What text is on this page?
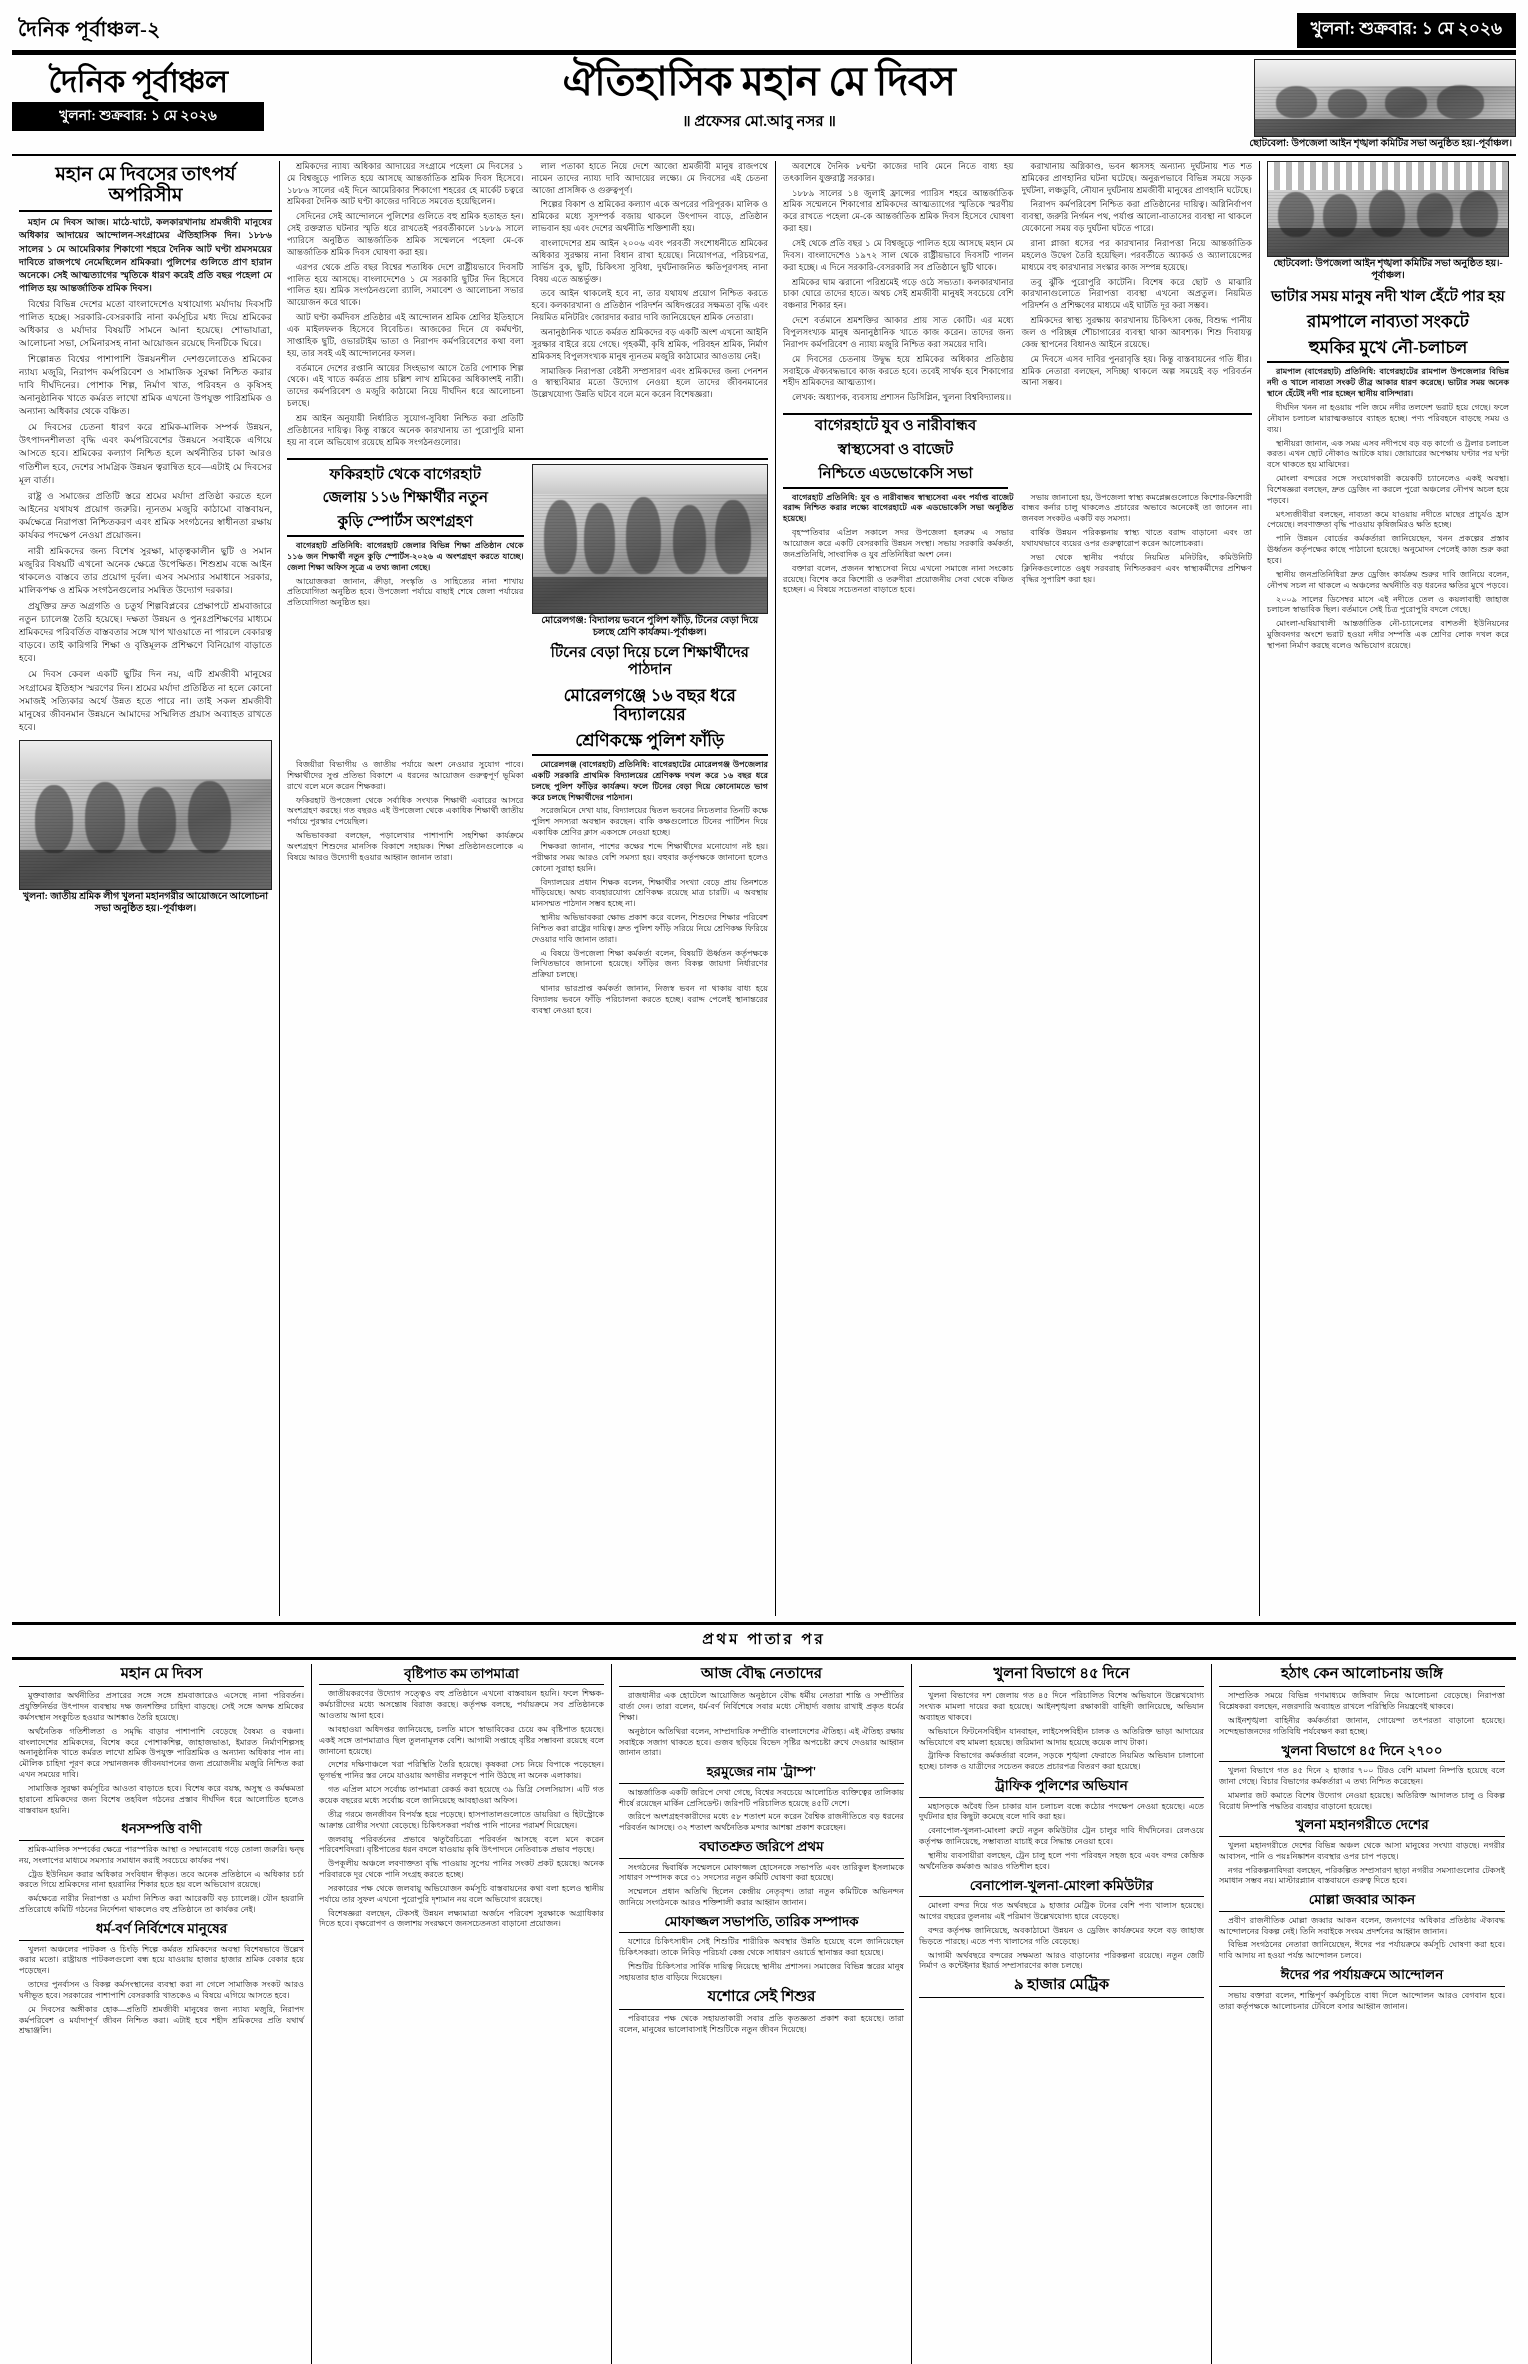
দৈনিক পূর্বাঞ্চল-২	খুলনা: শুক্রবার: ১ মে ২০২৬
দৈনিক পূর্বাঞ্চল
খুলনা: শুক্রবার: ১ মে ২০২৬
ঐতিহাসিক মহান মে দিবস
॥ প্রফেসর মো.আবু নসর ॥
ছোটবেলা: উপজেলা আইন শৃঙ্খলা কমিটির সভা অনুষ্ঠিত হয়।-পূর্বাঞ্চল।
মহান মে দিবসের তাৎপর্য অপরিসীম

মহান মে দিবস আজ। মাঠে-ঘাটে, কলকারখানায় শ্রমজীবী মানুষের অধিকার আদায়ের আন্দোলন-সংগ্রামের ঐতিহাসিক দিন। ১৮৮৬ সালের ১ মে আমেরিকার শিকাগো শহরে দৈনিক আট ঘণ্টা শ্রমসময়ের দাবিতে রাজপথে নেমেছিলেন শ্রমিকরা। পুলিশের গুলিতে প্রাণ হারান অনেকে। সেই আত্মত্যাগের স্মৃতিকে ধারণ করেই প্রতি বছর পহেলা মে পালিত হয় আন্তর্জাতিক শ্রমিক দিবস।

বিশ্বের বিভিন্ন দেশের মতো বাংলাদেশেও যথাযোগ্য মর্যাদায় দিবসটি পালিত হচ্ছে। সরকারি-বেসরকারি নানা কর্মসূচির মধ্য দিয়ে শ্রমিকের অধিকার ও মর্যাদার বিষয়টি সামনে আনা হয়েছে। শোভাযাত্রা, আলোচনা সভা, সেমিনারসহ নানা আয়োজন রয়েছে দিনটিকে ঘিরে।

শিল্পোন্নত বিশ্বের পাশাপাশি উন্নয়নশীল দেশগুলোতেও শ্রমিকের ন্যায্য মজুরি, নিরাপদ কর্মপরিবেশ ও সামাজিক সুরক্ষা নিশ্চিত করার দাবি দীর্ঘদিনের। পোশাক শিল্প, নির্মাণ খাত, পরিবহন ও কৃষিসহ অনানুষ্ঠানিক খাতে কর্মরত লাখো শ্রমিক এখনো উপযুক্ত পারিশ্রমিক ও অন্যান্য অধিকার থেকে বঞ্চিত।

মে দিবসের চেতনা ধারণ করে শ্রমিক-মালিক সম্পর্ক উন্নয়ন, উৎপাদনশীলতা বৃদ্ধি এবং কর্মপরিবেশের উন্নয়নে সবাইকে এগিয়ে আসতে হবে। শ্রমিকের কল্যাণ নিশ্চিত হলে অর্থনীতির চাকা আরও গতিশীল হবে, দেশের সামগ্রিক উন্নয়ন ত্বরান্বিত হবে—এটাই মে দিবসের মূল বার্তা।

রাষ্ট্র ও সমাজের প্রতিটি স্তরে শ্রমের মর্যাদা প্রতিষ্ঠা করতে হলে আইনের যথাযথ প্রয়োগ জরুরি। ন্যূনতম মজুরি কাঠামো বাস্তবায়ন, কর্মক্ষেত্রে নিরাপত্তা নিশ্চিতকরণ এবং শ্রমিক সংগঠনের স্বাধীনতা রক্ষায় কার্যকর পদক্ষেপ নেওয়া প্রয়োজন।

নারী শ্রমিকদের জন্য বিশেষ সুরক্ষা, মাতৃত্বকালীন ছুটি ও সমান মজুরির বিষয়টি এখনো অনেক ক্ষেত্রে উপেক্ষিত। শিশুশ্রম বন্ধে আইন থাকলেও বাস্তবে তার প্রয়োগ দুর্বল। এসব সমস্যার সমাধানে সরকার, মালিকপক্ষ ও শ্রমিক সংগঠনগুলোর সমন্বিত উদ্যোগ দরকার।

প্রযুক্তির দ্রুত অগ্রগতি ও চতুর্থ শিল্পবিপ্লবের প্রেক্ষাপটে শ্রমবাজারে নতুন চ্যালেঞ্জ তৈরি হয়েছে। দক্ষতা উন্নয়ন ও পুনঃপ্রশিক্ষণের মাধ্যমে শ্রমিকদের পরিবর্তিত বাস্তবতার সঙ্গে খাপ খাওয়াতে না পারলে বেকারত্ব বাড়বে। তাই কারিগরি শিক্ষা ও বৃত্তিমূলক প্রশিক্ষণে বিনিয়োগ বাড়াতে হবে।

মে দিবস কেবল একটি ছুটির দিন নয়, এটি শ্রমজীবী মানুষের সংগ্রামের ইতিহাস স্মরণের দিন। শ্রমের মর্যাদা প্রতিষ্ঠিত না হলে কোনো সমাজই সত্যিকার অর্থে উন্নত হতে পারে না। তাই সকল শ্রমজীবী মানুষের জীবনমান উন্নয়নে আমাদের সম্মিলিত প্রয়াস অব্যাহত রাখতে হবে।

খুলনা: জাতীয় শ্রমিক লীগ খুলনা মহানগরীর আয়োজনে আলোচনা সভা অনুষ্ঠিত হয়।-পূর্বাঞ্চল।

শ্রমিকদের ন্যায্য অধিকার আদায়ের সংগ্রামে পহেলা মে দিবসের ১ মে বিশ্বজুড়ে পালিত হয়ে আসছে আন্তর্জাতিক শ্রমিক দিবস হিসেবে। ১৮৮৬ সালের এই দিনে আমেরিকার শিকাগো শহরের হে মার্কেট চত্বরে শ্রমিকরা দৈনিক আট ঘণ্টা কাজের দাবিতে সমবেত হয়েছিলেন।

সেদিনের সেই আন্দোলনে পুলিশের গুলিতে বহু শ্রমিক হতাহত হন। সেই রক্তস্নাত ঘটনার স্মৃতি ধরে রাখতেই পরবর্তীকালে ১৮৮৯ সালে প্যারিসে অনুষ্ঠিত আন্তর্জাতিক শ্রমিক সম্মেলনে পহেলা মে-কে আন্তর্জাতিক শ্রমিক দিবস ঘোষণা করা হয়।

এরপর থেকে প্রতি বছর বিশ্বের শতাধিক দেশে রাষ্ট্রীয়ভাবে দিবসটি পালিত হয়ে আসছে। বাংলাদেশেও ১ মে সরকারি ছুটির দিন হিসেবে পালিত হয়। শ্রমিক সংগঠনগুলো র‍্যালি, সমাবেশ ও আলোচনা সভার আয়োজন করে থাকে।

আট ঘণ্টা কর্মদিবস প্রতিষ্ঠার এই আন্দোলন শ্রমিক শ্রেণির ইতিহাসে এক মাইলফলক হিসেবে বিবেচিত। আজকের দিনে যে কর্মঘণ্টা, সাপ্তাহিক ছুটি, ওভারটাইম ভাতা ও নিরাপদ কর্মপরিবেশের কথা বলা হয়, তার সবই এই আন্দোলনের ফসল।

বর্তমানে দেশের রপ্তানি আয়ের সিংহভাগ আসে তৈরি পোশাক শিল্প থেকে। এই খাতে কর্মরত প্রায় চল্লিশ লাখ শ্রমিকের অধিকাংশই নারী। তাদের কর্মপরিবেশ ও মজুরি কাঠামো নিয়ে দীর্ঘদিন ধরে আলোচনা চলছে।

শ্রম আইন অনুযায়ী নির্ধারিত সুযোগ-সুবিধা নিশ্চিত করা প্রতিটি প্রতিষ্ঠানের দায়িত্ব। কিন্তু বাস্তবে অনেক কারখানায় তা পুরোপুরি মানা হয় না বলে অভিযোগ রয়েছে শ্রমিক সংগঠনগুলোর।

লাল পতাকা হাতে নিয়ে দেশে আজো শ্রমজীবী মানুষ রাজপথে নামেন তাদের ন্যায্য দাবি আদায়ের লক্ষ্যে। মে দিবসের এই চেতনা আজো প্রাসঙ্গিক ও গুরুত্বপূর্ণ।

শিল্পের বিকাশ ও শ্রমিকের কল্যাণ একে অপরের পরিপূরক। মালিক ও শ্রমিকের মধ্যে সুসম্পর্ক বজায় থাকলে উৎপাদন বাড়ে, প্রতিষ্ঠান লাভবান হয় এবং দেশের অর্থনীতি শক্তিশালী হয়।

বাংলাদেশের শ্রম আইন ২০০৬ এবং পরবর্তী সংশোধনীতে শ্রমিকের অধিকার সুরক্ষায় নানা বিধান রাখা হয়েছে। নিয়োগপত্র, পরিচয়পত্র, সার্ভিস বুক, ছুটি, চিকিৎসা সুবিধা, দুর্ঘটনাজনিত ক্ষতিপূরণসহ নানা বিষয় এতে অন্তর্ভুক্ত।

তবে আইন থাকলেই হবে না, তার যথাযথ প্রয়োগ নিশ্চিত করতে হবে। কলকারখানা ও প্রতিষ্ঠান পরিদর্শন অধিদপ্তরের সক্ষমতা বৃদ্ধি এবং নিয়মিত মনিটরিং জোরদার করার দাবি জানিয়েছেন শ্রমিক নেতারা।

অনানুষ্ঠানিক খাতে কর্মরত শ্রমিকদের বড় একটি অংশ এখনো আইনি সুরক্ষার বাইরে রয়ে গেছে। গৃহকর্মী, কৃষি শ্রমিক, পরিবহন শ্রমিক, নির্মাণ শ্রমিকসহ বিপুলসংখ্যক মানুষ ন্যূনতম মজুরি কাঠামোর আওতায় নেই।

সামাজিক নিরাপত্তা বেষ্টনী সম্প্রসারণ এবং শ্রমিকদের জন্য পেনশন ও স্বাস্থ্যবিমার মতো উদ্যোগ নেওয়া হলে তাদের জীবনমানের উল্লেখযোগ্য উন্নতি ঘটবে বলে মনে করেন বিশেষজ্ঞরা।

ফকিরহাট থেকে বাগেরহাট
জেলায় ১১৬ শিক্ষার্থীর নতুন
কুড়ি স্পোর্টস অংশগ্রহণ

বাগেরহাট প্রতিনিধি: বাগেরহাট জেলার বিভিন্ন শিক্ষা প্রতিষ্ঠান থেকে ১১৬ জন শিক্ষার্থী নতুন কুড়ি স্পোর্টস-২০২৬ এ অংশগ্রহণ করতে যাচ্ছে। জেলা শিক্ষা অফিস সূত্রে এ তথ্য জানা গেছে।

আয়োজকরা জানান, ক্রীড়া, সংস্কৃতি ও সাহিত্যের নানা শাখায় প্রতিযোগিতা অনুষ্ঠিত হবে। উপজেলা পর্যায়ে বাছাই শেষে জেলা পর্যায়ের প্রতিযোগিতা অনুষ্ঠিত হয়।

মোরেলগঞ্জ: বিদ্যালয় ভবনে পুলিশ ফাঁড়ি, টিনের বেড়া দিয়ে চলছে শ্রেণি কার্যক্রম।-পূর্বাঞ্চল।
টিনের বেড়া দিয়ে চলে শিক্ষার্থীদের পাঠদান
মোরেলগঞ্জে ১৬ বছর ধরে বিদ্যালয়ের
শ্রেণিকক্ষে পুলিশ ফাঁড়ি

বিজয়ীরা বিভাগীয় ও জাতীয় পর্যায়ে অংশ নেওয়ার সুযোগ পাবে। শিক্ষার্থীদের সুপ্ত প্রতিভা বিকাশে এ ধরনের আয়োজন গুরুত্বপূর্ণ ভূমিকা রাখে বলে মনে করেন শিক্ষকরা।

ফকিরহাট উপজেলা থেকে সর্বাধিক সংখ্যক শিক্ষার্থী এবারের আসরে অংশগ্রহণ করছে। গত বছরও এই উপজেলা থেকে একাধিক শিক্ষার্থী জাতীয় পর্যায়ে পুরস্কার পেয়েছিল।

অভিভাবকরা বলছেন, পড়ালেখার পাশাপাশি সহশিক্ষা কার্যক্রমে অংশগ্রহণ শিশুদের মানসিক বিকাশে সহায়ক। শিক্ষা প্রতিষ্ঠানগুলোকে এ বিষয়ে আরও উদ্যোগী হওয়ার আহ্বান জানান তারা।

মোরেলগঞ্জ (বাগেরহাট) প্রতিনিধি: বাগেরহাটের মোরেলগঞ্জ উপজেলার একটি সরকারি প্রাথমিক বিদ্যালয়ের শ্রেণিকক্ষ দখল করে ১৬ বছর ধরে চলছে পুলিশ ফাঁড়ির কার্যক্রম। ফলে টিনের বেড়া দিয়ে কোনোমতে ভাগ করে চলছে শিক্ষার্থীদের পাঠদান।

সরেজমিনে দেখা যায়, বিদ্যালয়ের দ্বিতল ভবনের নিচতলার তিনটি কক্ষে পুলিশ সদস্যরা অবস্থান করছেন। বাকি কক্ষগুলোতে টিনের পার্টিশন দিয়ে একাধিক শ্রেণির ক্লাস একসঙ্গে নেওয়া হচ্ছে।

শিক্ষকরা জানান, পাশের কক্ষের শব্দে শিক্ষার্থীদের মনোযোগ নষ্ট হয়। পরীক্ষার সময় আরও বেশি সমস্যা হয়। বহুবার কর্তৃপক্ষকে জানানো হলেও কোনো সুরাহা হয়নি।

বিদ্যালয়ের প্রধান শিক্ষক বলেন, শিক্ষার্থীর সংখ্যা বেড়ে প্রায় তিনশতে দাঁড়িয়েছে। অথচ ব্যবহারযোগ্য শ্রেণিকক্ষ রয়েছে মাত্র চারটি। এ অবস্থায় মানসম্মত পাঠদান সম্ভব হচ্ছে না।

স্থানীয় অভিভাবকরা ক্ষোভ প্রকাশ করে বলেন, শিশুদের শিক্ষার পরিবেশ নিশ্চিত করা রাষ্ট্রের দায়িত্ব। দ্রুত পুলিশ ফাঁড়ি সরিয়ে নিয়ে শ্রেণিকক্ষ ফিরিয়ে দেওয়ার দাবি জানান তারা।

এ বিষয়ে উপজেলা শিক্ষা কর্মকর্তা বলেন, বিষয়টি ঊর্ধ্বতন কর্তৃপক্ষকে লিখিতভাবে জানানো হয়েছে। ফাঁড়ির জন্য বিকল্প জায়গা নির্ধারণের প্রক্রিয়া চলছে।

থানার ভারপ্রাপ্ত কর্মকর্তা জানান, নিজস্ব ভবন না থাকায় বাধ্য হয়ে বিদ্যালয় ভবনে ফাঁড়ি পরিচালনা করতে হচ্ছে। বরাদ্দ পেলেই স্থানান্তরের ব্যবস্থা নেওয়া হবে।

অবশেষে দৈনিক ৮ঘন্টা কাজের দাবি মেনে নিতে বাধ্য হয় তৎকালিন যুক্তরাষ্ট্র সরকার।

১৮৮৯ সালের ১৪ জুলাই ফ্রান্সের প্যারিস শহরে আন্তর্জাতিক শ্রমিক সম্মেলনে শিকাগোর শ্রমিকদের আত্মত্যাগের স্মৃতিকে স্মরণীয় করে রাখতে পহেলা মে-কে আন্তর্জাতিক শ্রমিক দিবস হিসেবে ঘোষণা করা হয়।

সেই থেকে প্রতি বছর ১ মে বিশ্বজুড়ে পালিত হয়ে আসছে মহান মে দিবস। বাংলাদেশেও ১৯৭২ সাল থেকে রাষ্ট্রীয়ভাবে দিবসটি পালন করা হচ্ছে। এ দিনে সরকারি-বেসরকারি সব প্রতিষ্ঠানে ছুটি থাকে।

শ্রমিকের ঘাম ঝরানো পরিশ্রমেই গড়ে ওঠে সভ্যতা। কলকারখানার চাকা ঘোরে তাদের হাতে। অথচ সেই শ্রমজীবী মানুষই সবচেয়ে বেশি বঞ্চনার শিকার হন।

দেশে বর্তমানে শ্রমশক্তির আকার প্রায় সাত কোটি। এর মধ্যে বিপুলসংখ্যক মানুষ অনানুষ্ঠানিক খাতে কাজ করেন। তাদের জন্য নিরাপদ কর্মপরিবেশ ও ন্যায্য মজুরি নিশ্চিত করা সময়ের দাবি।

মে দিবসের চেতনায় উদ্বুদ্ধ হয়ে শ্রমিকের অধিকার প্রতিষ্ঠায় সবাইকে ঐক্যবদ্ধভাবে কাজ করতে হবে। তবেই সার্থক হবে শিকাগোর শহীদ শ্রমিকদের আত্মত্যাগ।

লেখক: অধ্যাপক, ব্যবসায় প্রশাসন ডিসিপ্লিন, খুলনা বিশ্ববিদ্যালয়।।

করাখানায় অগ্নিকাণ্ড, ভবন ধ্বসসহ অন্যান্য দুর্ঘটনায় শত শত শ্রমিকের প্রাণহানির ঘটনা ঘটেছে। অনুরূপভাবে বিভিন্ন সময়ে সড়ক দুর্ঘটনা, লঞ্চডুবি, নৌযান দুর্ঘটনায় শ্রমজীবী মানুষের প্রাণহানি ঘটেছে।

নিরাপদ কর্মপরিবেশ নিশ্চিত করা প্রতিষ্ঠানের দায়িত্ব। অগ্নিনির্বাপণ ব্যবস্থা, জরুরি নির্গমন পথ, পর্যাপ্ত আলো-বাতাসের ব্যবস্থা না থাকলে যেকোনো সময় বড় দুর্ঘটনা ঘটতে পারে।

রানা প্লাজা ধসের পর কারখানার নিরাপত্তা নিয়ে আন্তর্জাতিক মহলেও উদ্বেগ তৈরি হয়েছিল। পরবর্তীতে অ্যাকর্ড ও অ্যালায়েন্সের মাধ্যমে বহু কারখানার সংস্কার কাজ সম্পন্ন হয়েছে।

তবু ঝুঁকি পুরোপুরি কাটেনি। বিশেষ করে ছোট ও মাঝারি কারখানাগুলোতে নিরাপত্তা ব্যবস্থা এখনো অপ্রতুল। নিয়মিত পরিদর্শন ও প্রশিক্ষণের মাধ্যমে এই ঘাটতি দূর করা সম্ভব।

শ্রমিকদের স্বাস্থ্য সুরক্ষায় কারখানায় চিকিৎসা কেন্দ্র, বিশুদ্ধ পানীয় জল ও পরিচ্ছন্ন শৌচাগারের ব্যবস্থা থাকা আবশ্যক। শিশু দিবাযত্ন কেন্দ্র স্থাপনের বিধানও আইনে রয়েছে।

মে দিবসে এসব দাবির পুনরাবৃত্তি হয়। কিন্তু বাস্তবায়নের গতি ধীর। শ্রমিক নেতারা বলছেন, সদিচ্ছা থাকলে অল্প সময়েই বড় পরিবর্তন আনা সম্ভব।

বাগেরহাটে যুব ও নারীবান্ধব
স্বাস্থ্যসেবা ও বাজেট
নিশ্চিতে এডভোকেসি সভা

বাগেরহাট প্রতিনিধি: যুব ও নারীবান্ধব স্বাস্থ্যসেবা এবং পর্যাপ্ত বাজেট বরাদ্দ নিশ্চিত করার লক্ষ্যে বাগেরহাটে এক এডভোকেসি সভা অনুষ্ঠিত হয়েছে।

বৃহস্পতিবার এপ্রিল সকালে সদর উপজেলা হলরুম এ সভার আয়োজন করে একটি বেসরকারি উন্নয়ন সংস্থা। সভায় সরকারি কর্মকর্তা, জনপ্রতিনিধি, সাংবাদিক ও যুব প্রতিনিধিরা অংশ নেন।

বক্তারা বলেন, প্রজনন স্বাস্থ্যসেবা নিয়ে এখনো সমাজে নানা সংকোচ রয়েছে। বিশেষ করে কিশোরী ও তরুণীরা প্রয়োজনীয় সেবা থেকে বঞ্চিত হচ্ছেন। এ বিষয়ে সচেতনতা বাড়াতে হবে।

সভায় জানানো হয়, উপজেলা স্বাস্থ্য কমপ্লেক্সগুলোতে কিশোর-কিশোরী বান্ধব কর্নার চালু থাকলেও প্রচারের অভাবে অনেকেই তা জানেন না। জনবল সংকটও একটি বড় সমস্যা।

বার্ষিক উন্নয়ন পরিকল্পনায় স্বাস্থ্য খাতে বরাদ্দ বাড়ানো এবং তা যথাযথভাবে ব্যয়ের ওপর গুরুত্বারোপ করেন আলোচকরা।

সভা থেকে স্থানীয় পর্যায়ে নিয়মিত মনিটরিং, কমিউনিটি ক্লিনিকগুলোতে ওষুধ সরবরাহ নিশ্চিতকরণ এবং স্বাস্থ্যকর্মীদের প্রশিক্ষণ বৃদ্ধির সুপারিশ করা হয়।

ছোটবেলা: উপজেলা আইন শৃঙ্খলা কমিটির সভা অনুষ্ঠিত হয়।-পূর্বাঞ্চল।
ভাটার সময় মানুষ নদী খাল হেঁটে পার হয়
রামপালে নাব্যতা সংকটে
হুমকির মুখে নৌ-চলাচল

রামপাল (বাগেরহাট) প্রতিনিধি: বাগেরহাটের রামপাল উপজেলার বিভিন্ন নদী ও খালে নাব্যতা সংকট তীব্র আকার ধারণ করেছে। ভাটার সময় অনেক স্থানে হেঁটেই নদী পার হচ্ছেন স্থানীয় বাসিন্দারা।

দীর্ঘদিন খনন না হওয়ায় পলি জমে নদীর তলদেশ ভরাট হয়ে গেছে। ফলে নৌযান চলাচল মারাত্মকভাবে ব্যাহত হচ্ছে। পণ্য পরিবহনে বাড়ছে সময় ও ব্যয়।

স্থানীয়রা জানান, এক সময় এসব নদীপথে বড় বড় কার্গো ও ট্রলার চলাচল করত। এখন ছোট নৌকাও আটকে যায়। জোয়ারের অপেক্ষায় ঘণ্টার পর ঘণ্টা বসে থাকতে হয় মাঝিদের।

মোংলা বন্দরের সঙ্গে সংযোগকারী কয়েকটি চ্যানেলেও একই অবস্থা। বিশেষজ্ঞরা বলছেন, দ্রুত ড্রেজিং না করলে পুরো অঞ্চলের নৌপথ অচল হয়ে পড়বে।

মৎস্যজীবীরা বলছেন, নাব্যতা কমে যাওয়ায় নদীতে মাছের প্রাচুর্যও হ্রাস পেয়েছে। লবণাক্ততা বৃদ্ধি পাওয়ায় কৃষিজমিরও ক্ষতি হচ্ছে।

পানি উন্নয়ন বোর্ডের কর্মকর্তারা জানিয়েছেন, খনন প্রকল্পের প্রস্তাব ঊর্ধ্বতন কর্তৃপক্ষের কাছে পাঠানো হয়েছে। অনুমোদন পেলেই কাজ শুরু করা হবে।

স্থানীয় জনপ্রতিনিধিরা দ্রুত ড্রেজিং কার্যক্রম শুরুর দাবি জানিয়ে বলেন, নৌপথ সচল না থাকলে এ অঞ্চলের অর্থনীতি বড় ধরনের ক্ষতির মুখে পড়বে।

২০০৯ সালের ডিসেম্বর মাসে এই নদীতে তেল ও কয়লাবাহী জাহাজ চলাচল স্বাভাবিক ছিল। বর্তমানে সেই চিত্র পুরোপুরি বদলে গেছে।

মোংলা-ঘষিয়াখালী আন্তর্জাতিক নৌ-চ্যানেলের বাশতলী ইউনিয়নের মুজিবনগর অংশে ভরাট হওয়া নদীর সম্পত্তি এক শ্রেণির লোক দখল করে স্থাপনা নির্মাণ করছে বলেও অভিযোগ রয়েছে।

প্রথম পাতার পর
মহান মে দিবস

মুক্তবাজার অর্থনীতির প্রসারের সঙ্গে সঙ্গে শ্রমবাজারেও এসেছে নানা পরিবর্তন। প্রযুক্তিনির্ভর উৎপাদন ব্যবস্থায় দক্ষ জনশক্তির চাহিদা বাড়ছে। সেই সঙ্গে অদক্ষ শ্রমিকের কর্মসংস্থান সংকুচিত হওয়ার আশঙ্কাও তৈরি হয়েছে।

অর্থনৈতিক গতিশীলতা ও সমৃদ্ধি বাড়ার পাশাপাশি বেড়েছে বৈষম্য ও বঞ্চনা। বাংলাদেশের শ্রমিকদের, বিশেষ করে পোশাকশিল্প, জাহাজভাঙা, ইমারত নির্মাণশিল্পসহ অনানুষ্ঠানিক খাতে কর্মরত লাখো শ্রমিক উপযুক্ত পারিশ্রমিক ও অন্যান্য অধিকার পান না। মৌলিক চাহিদা পূরণ করে সম্মানজনক জীবনযাপনের জন্য প্রয়োজনীয় মজুরি নিশ্চিত করা এখন সময়ের দাবি।

সামাজিক সুরক্ষা কর্মসূচির আওতা বাড়াতে হবে। বিশেষ করে বয়স্ক, অসুস্থ ও কর্মক্ষমতা হারানো শ্রমিকদের জন্য বিশেষ তহবিল গঠনের প্রস্তাব দীর্ঘদিন ধরে আলোচিত হলেও বাস্তবায়ন হয়নি।

ধনসম্পত্তি বাণী

শ্রমিক-মালিক সম্পর্কের ক্ষেত্রে পারস্পরিক আস্থা ও সম্মানবোধ গড়ে তোলা জরুরি। দ্বন্দ্ব নয়, সংলাপের মাধ্যমে সমস্যার সমাধান করাই সবচেয়ে কার্যকর পথ।

ট্রেড ইউনিয়ন করার অধিকার সংবিধান স্বীকৃত। তবে অনেক প্রতিষ্ঠানে এ অধিকার চর্চা করতে গিয়ে শ্রমিকদের নানা হয়রানির শিকার হতে হয় বলে অভিযোগ রয়েছে।

কর্মক্ষেত্রে নারীর নিরাপত্তা ও মর্যাদা নিশ্চিত করা আরেকটি বড় চ্যালেঞ্জ। যৌন হয়রানি প্রতিরোধে কমিটি গঠনের নির্দেশনা থাকলেও বহু প্রতিষ্ঠানে তা কার্যকর নেই।

ধর্ম-বর্ণ নির্বিশেষে মানুষের

খুলনা অঞ্চলের পাটকল ও চিংড়ি শিল্পে কর্মরত শ্রমিকদের অবস্থা বিশেষভাবে উল্লেখ করার মতো। রাষ্ট্রায়ত্ত পাটকলগুলো বন্ধ হয়ে যাওয়ায় হাজার হাজার শ্রমিক বেকার হয়ে পড়েছেন।

তাদের পুনর্বাসন ও বিকল্প কর্মসংস্থানের ব্যবস্থা করা না গেলে সামাজিক সংকট আরও ঘনীভূত হবে। সরকারের পাশাপাশি বেসরকারি খাতকেও এ বিষয়ে এগিয়ে আসতে হবে।

মে দিবসের অঙ্গীকার হোক—প্রতিটি শ্রমজীবী মানুষের জন্য ন্যায্য মজুরি, নিরাপদ কর্মপরিবেশ ও মর্যাদাপূর্ণ জীবন নিশ্চিত করা। এটাই হবে শহীদ শ্রমিকদের প্রতি যথার্থ শ্রদ্ধাঞ্জলি।

বৃষ্টিপাত কম তাপমাত্রা

জাতীয়করণের উদ্যোগ সত্ত্বেও বহু প্রতিষ্ঠানে এখনো বাস্তবায়ন হয়নি। ফলে শিক্ষক-কর্মচারীদের মধ্যে অসন্তোষ বিরাজ করছে। কর্তৃপক্ষ বলছে, পর্যায়ক্রমে সব প্রতিষ্ঠানকে আওতায় আনা হবে।

আবহাওয়া অধিদপ্তর জানিয়েছে, চলতি মাসে স্বাভাবিকের চেয়ে কম বৃষ্টিপাত হয়েছে। একই সঙ্গে তাপমাত্রাও ছিল তুলনামূলক বেশি। আগামী সপ্তাহে বৃষ্টির সম্ভাবনা রয়েছে বলে জানানো হয়েছে।

দেশের দক্ষিণাঞ্চলে খরা পরিস্থিতি তৈরি হয়েছে। কৃষকরা সেচ নিয়ে বিপাকে পড়েছেন। ভূগর্ভস্থ পানির স্তর নেমে যাওয়ায় অগভীর নলকূপে পানি উঠছে না অনেক এলাকায়।

গত এপ্রিল মাসে সর্বোচ্চ তাপমাত্রা রেকর্ড করা হয়েছে ৩৯ ডিগ্রি সেলসিয়াস। এটি গত কয়েক বছরের মধ্যে সর্বোচ্চ বলে জানিয়েছে আবহাওয়া অফিস।

তীব্র গরমে জনজীবন বিপর্যস্ত হয়ে পড়েছে। হাসপাতালগুলোতে ডায়রিয়া ও হিটস্ট্রোকে আক্রান্ত রোগীর সংখ্যা বেড়েছে। চিকিৎসকরা পর্যাপ্ত পানি পানের পরামর্শ দিয়েছেন।

জলবায়ু পরিবর্তনের প্রভাবে ঋতুবৈচিত্র্যে পরিবর্তন আসছে বলে মনে করেন পরিবেশবিদরা। বৃষ্টিপাতের ধরন বদলে যাওয়ায় কৃষি উৎপাদনে নেতিবাচক প্রভাব পড়ছে।

উপকূলীয় অঞ্চলে লবণাক্ততা বৃদ্ধি পাওয়ায় সুপেয় পানির সংকট প্রকট হয়েছে। অনেক পরিবারকে দূর থেকে পানি সংগ্রহ করতে হচ্ছে।

সরকারের পক্ষ থেকে জলবায়ু অভিযোজন কর্মসূচি বাস্তবায়নের কথা বলা হলেও স্থানীয় পর্যায়ে তার সুফল এখনো পুরোপুরি দৃশ্যমান নয় বলে অভিযোগ রয়েছে।

বিশেষজ্ঞরা বলছেন, টেকসই উন্নয়ন লক্ষ্যমাত্রা অর্জনে পরিবেশ সুরক্ষাকে অগ্রাধিকার দিতে হবে। বৃক্ষরোপণ ও জলাশয় সংরক্ষণে জনসচেতনতা বাড়ানো প্রয়োজন।

আজ বৌদ্ধ নেতাদের

রাজধানীর এক হোটেলে আয়োজিত অনুষ্ঠানে বৌদ্ধ ধর্মীয় নেতারা শান্তি ও সম্প্রীতির বার্তা দেন। তারা বলেন, ধর্ম-বর্ণ নির্বিশেষে সবার মধ্যে সৌহার্দ্য বজায় রাখাই প্রকৃত ধর্মের শিক্ষা।

অনুষ্ঠানে অতিথিরা বলেন, সাম্প্রদায়িক সম্প্রীতি বাংলাদেশের ঐতিহ্য। এই ঐতিহ্য রক্ষায় সবাইকে সজাগ থাকতে হবে। গুজব ছড়িয়ে বিভেদ সৃষ্টির অপচেষ্টা রুখে দেওয়ার আহ্বান জানান তারা।

হরমুজের নাম 'ট্রাম্প'

আন্তর্জাতিক একটি জরিপে দেখা গেছে, বিশ্বের সবচেয়ে আলোচিত ব্যক্তিত্বের তালিকায় শীর্ষে রয়েছেন মার্কিন প্রেসিডেন্ট। জরিপটি পরিচালিত হয়েছে ৪৫টি দেশে।

জরিপে অংশগ্রহণকারীদের মধ্যে ৫৮ শতাংশ মনে করেন বৈশ্বিক রাজনীতিতে বড় ধরনের পরিবর্তন আসছে। ৩২ শতাংশ অর্থনৈতিক মন্দার আশঙ্কা প্রকাশ করেছেন।

বঘাতশ্রুত জরিপে প্রথম

সংগঠনের দ্বিবার্ষিক সম্মেলনে মোফাজ্জল হোসেনকে সভাপতি এবং তারিকুল ইসলামকে সাধারণ সম্পাদক করে ৩১ সদস্যের নতুন কমিটি ঘোষণা করা হয়েছে।

সম্মেলনে প্রধান অতিথি ছিলেন কেন্দ্রীয় নেতৃবৃন্দ। তারা নতুন কমিটিকে অভিনন্দন জানিয়ে সংগঠনকে আরও শক্তিশালী করার আহ্বান জানান।

মোফাজ্জল সভাপতি, তারিক সম্পাদক

যশোরে চিকিৎসাধীন সেই শিশুটির শারীরিক অবস্থার উন্নতি হয়েছে বলে জানিয়েছেন চিকিৎসকরা। তাকে নিবিড় পরিচর্যা কেন্দ্র থেকে সাধারণ ওয়ার্ডে স্থানান্তর করা হয়েছে।

শিশুটির চিকিৎসার সার্বিক দায়িত্ব নিয়েছে স্থানীয় প্রশাসন। সমাজের বিভিন্ন স্তরের মানুষ সহায়তার হাত বাড়িয়ে দিয়েছেন।

যশোরে সেই শিশুর

পরিবারের পক্ষ থেকে সহায়তাকারী সবার প্রতি কৃতজ্ঞতা প্রকাশ করা হয়েছে। তারা বলেন, মানুষের ভালোবাসাই শিশুটিকে নতুন জীবন দিয়েছে।

খুলনা বিভাগে ৪৫ দিনে

খুলনা বিভাগের দশ জেলায় গত ৪৫ দিনে পরিচালিত বিশেষ অভিযানে উল্লেখযোগ্য সংখ্যক মামলা দায়ের করা হয়েছে। আইনশৃঙ্খলা রক্ষাকারী বাহিনী জানিয়েছে, অভিযান অব্যাহত থাকবে।

অভিযানে ফিটনেসবিহীন যানবাহন, লাইসেন্সবিহীন চালক ও অতিরিক্ত ভাড়া আদায়ের অভিযোগে বহু মামলা হয়েছে। জরিমানা আদায় হয়েছে কয়েক লাখ টাকা।

ট্রাফিক বিভাগের কর্মকর্তারা বলেন, সড়কে শৃঙ্খলা ফেরাতে নিয়মিত অভিযান চালানো হচ্ছে। চালক ও যাত্রীদের সচেতন করতে প্রচারপত্র বিতরণ করা হয়েছে।

ট্রাফিক পুলিশের অভিযান

মহাসড়কে অবৈধ তিন চাকার যান চলাচল বন্ধে কঠোর পদক্ষেপ নেওয়া হয়েছে। এতে দুর্ঘটনার হার কিছুটা কমেছে বলে দাবি করা হয়।

বেনাপোল-খুলনা-মোংলা রুটে নতুন কমিউটার ট্রেন চালুর দাবি দীর্ঘদিনের। রেলওয়ে কর্তৃপক্ষ জানিয়েছে, সম্ভাব্যতা যাচাই করে সিদ্ধান্ত নেওয়া হবে।

স্থানীয় ব্যবসায়ীরা বলছেন, ট্রেন চালু হলে পণ্য পরিবহন সহজ হবে এবং বন্দর কেন্দ্রিক অর্থনৈতিক কর্মকাণ্ড আরও গতিশীল হবে।

বেনাপোল-খুলনা-মোংলা কমিউটার

মোংলা বন্দর দিয়ে গত অর্থবছরে ৯ হাজার মেট্রিক টনের বেশি পণ্য খালাস হয়েছে। আগের বছরের তুলনায় এই পরিমাণ উল্লেখযোগ্য হারে বেড়েছে।

বন্দর কর্তৃপক্ষ জানিয়েছে, অবকাঠামো উন্নয়ন ও ড্রেজিং কার্যক্রমের ফলে বড় জাহাজ ভিড়তে পারছে। এতে পণ্য খালাসের গতি বেড়েছে।

আগামী অর্থবছরে বন্দরের সক্ষমতা আরও বাড়ানোর পরিকল্পনা রয়েছে। নতুন জেটি নির্মাণ ও কন্টেইনার ইয়ার্ড সম্প্রসারণের কাজ চলছে।

৯ হাজার মেট্রিক
হঠাৎ কেন আলোচনায় জঙ্গি

সাম্প্রতিক সময়ে বিভিন্ন গণমাধ্যমে জঙ্গিবাদ নিয়ে আলোচনা বেড়েছে। নিরাপত্তা বিশ্লেষকরা বলছেন, নজরদারি অব্যাহত রাখলে পরিস্থিতি নিয়ন্ত্রণেই থাকবে।

আইনশৃঙ্খলা বাহিনীর কর্মকর্তারা জানান, গোয়েন্দা তৎপরতা বাড়ানো হয়েছে। সন্দেহভাজনদের গতিবিধি পর্যবেক্ষণ করা হচ্ছে।

খুলনা বিভাগে ৪৫ দিনে ২৭০০

খুলনা বিভাগে গত ৪৫ দিনে ২ হাজার ৭০০ টিরও বেশি মামলা নিষ্পত্তি হয়েছে বলে জানা গেছে। বিচার বিভাগের কর্মকর্তারা এ তথ্য নিশ্চিত করেছেন।

মামলার জট কমাতে বিশেষ উদ্যোগ নেওয়া হয়েছে। অতিরিক্ত আদালত চালু ও বিকল্প বিরোধ নিষ্পত্তি পদ্ধতির ব্যবহার বাড়ানো হয়েছে।

খুলনা মহানগরীতে দেশের

খুলনা মহানগরীতে দেশের বিভিন্ন অঞ্চল থেকে আসা মানুষের সংখ্যা বাড়ছে। নগরীর আবাসন, পানি ও পয়ঃনিষ্কাশন ব্যবস্থার ওপর চাপ পড়ছে।

নগর পরিকল্পনাবিদরা বলছেন, পরিকল্পিত সম্প্রসারণ ছাড়া নগরীর সমস্যাগুলোর টেকসই সমাধান সম্ভব নয়। মাস্টারপ্ল্যান বাস্তবায়নে গুরুত্ব দিতে হবে।

মোল্লা জব্বার আকন

প্রবীণ রাজনীতিক মোল্লা জব্বার আকন বলেন, জনগণের অধিকার প্রতিষ্ঠায় ঐক্যবদ্ধ আন্দোলনের বিকল্প নেই। তিনি সবাইকে সংযম প্রদর্শনের আহ্বান জানান।

বিভিন্ন সংগঠনের নেতারা জানিয়েছেন, ঈদের পর পর্যায়ক্রমে কর্মসূচি ঘোষণা করা হবে। দাবি আদায় না হওয়া পর্যন্ত আন্দোলন চলবে।

ঈদের পর পর্যায়ক্রমে আন্দোলন

সভায় বক্তারা বলেন, শান্তিপূর্ণ কর্মসূচিতে বাধা দিলে আন্দোলন আরও বেগবান হবে। তারা কর্তৃপক্ষকে আলোচনার টেবিলে বসার আহ্বান জানান।
